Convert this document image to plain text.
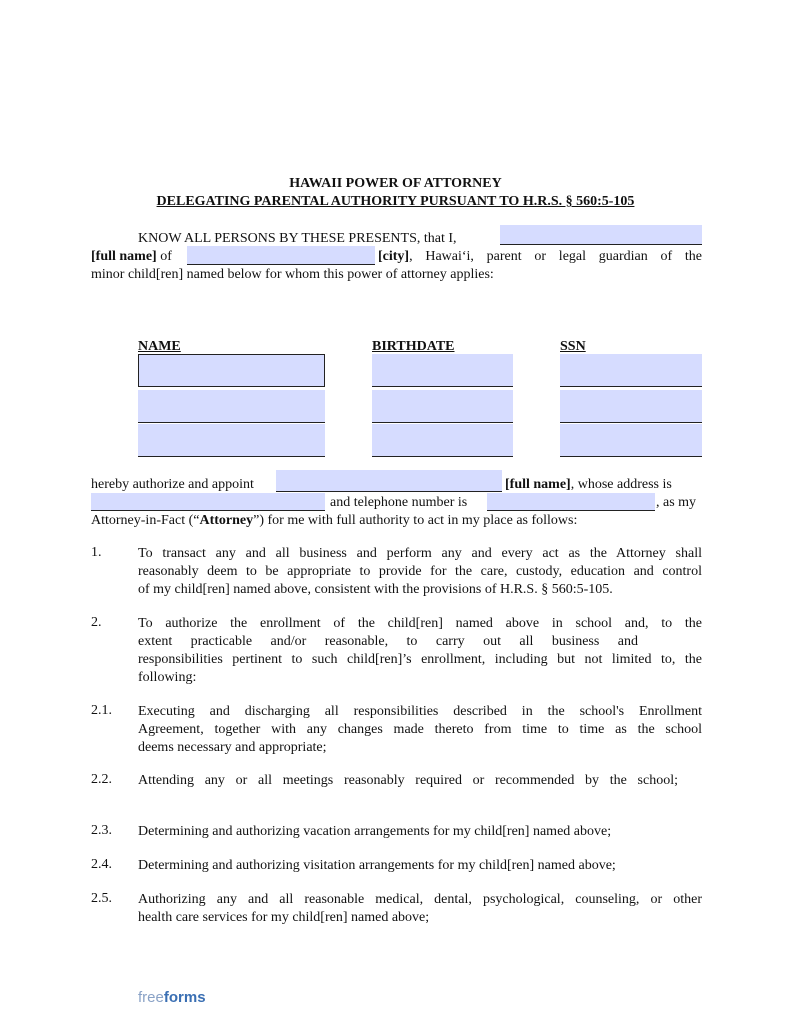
HAWAII POWER OF ATTORNEY
DELEGATING PARENTAL AUTHORITY PURSUANT TO H.R.S. § 560:5-105
KNOW ALL PERSONS BY THESE PRESENTS, that I,
[full name] of	[city], Hawaiʻi, parent or legal guardian of the
minor child[ren] named below for whom this power of attorney applies:
NAME	BIRTHDATE	SSN
hereby authorize and appoint	[full name], whose address is
and telephone number is	, as my
Attorney-in-Fact (“Attorney”) for me with full authority to act in my place as follows:
1.	To transact any and all business and perform any and every act as the Attorney shall
reasonably deem to be appropriate to provide for the care, custody, education and control
of my child[ren] named above, consistent with the provisions of H.R.S. § 560:5-105.
2.	To authorize the enrollment of the child[ren] named above in school and, to the
extent practicable and/or reasonable, to carry out all business and
responsibilities pertinent to such child[ren]’s enrollment, including but not limited to, the
following:
2.1. Executing and discharging all responsibilities described in the school's Enrollment
Agreement, together with any changes made thereto from time to time as the school
deems necessary and appropriate;
2.2. Attending any or all meetings reasonably required or recommended by the school;
2.3. Determining and authorizing vacation arrangements for my child[ren] named above;
2.4. Determining and authorizing visitation arrangements for my child[ren] named above;
2.5. Authorizing any and all reasonable medical, dental, psychological, counseling, or other
health care services for my child[ren] named above;
freeforms
